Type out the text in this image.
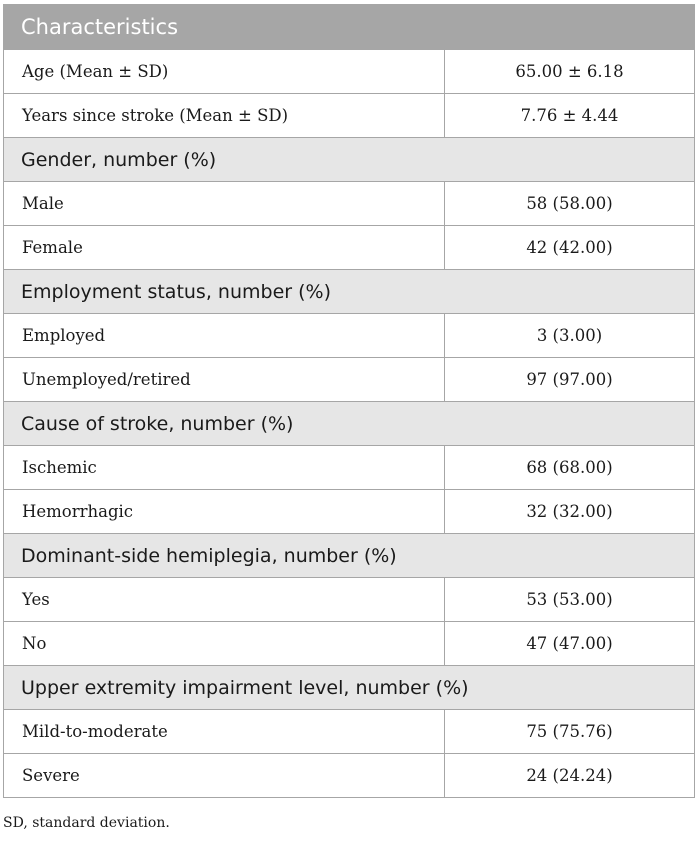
Characteristics	
Age (Mean ± SD)	65.00 ± 6.18
Years since stroke (Mean ± SD)	7.76 ± 4.44
Gender, number (%)	
Male	58 (58.00)
Female	42 (42.00)
Employment status, number (%)	
Employed	3 (3.00)
Unemployed/retired	97 (97.00)
Cause of stroke, number (%)	
Ischemic	68 (68.00)
Hemorrhagic	32 (32.00)
Dominant-side hemiplegia, number (%)	
Yes	53 (53.00)
No	47 (47.00)
Upper extremity impairment level, number (%)	
Mild-to-moderate	75 (75.76)
Severe	24 (24.24)
SD, standard deviation.
